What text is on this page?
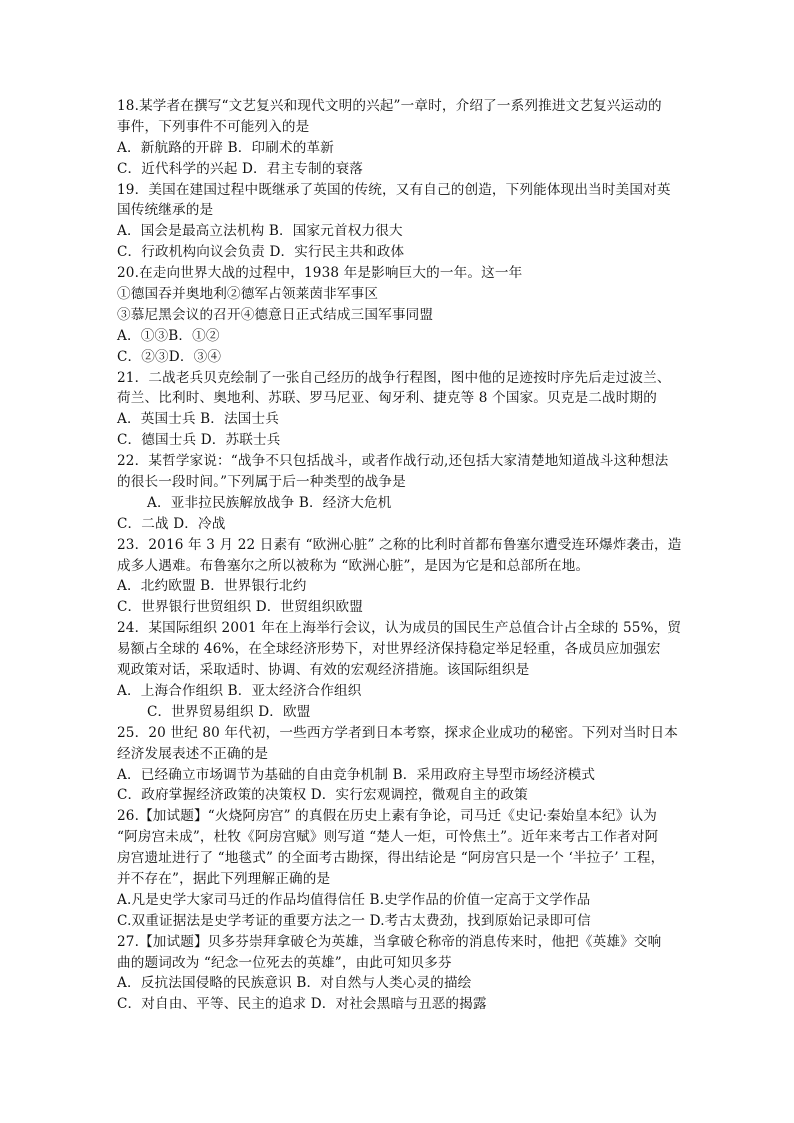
18.某学者在撰写“文艺复兴和现代文明的兴起”一章时，介绍了一系列推进文艺复兴运动的
事件，下列事件不可能列入的是
A．新航路的开辟 B．印刷术的革新
C．近代科学的兴起 D．君主专制的衰落
19．美国在建国过程中既继承了英国的传统，又有自己的创造，下列能体现出当时美国对英
国传统继承的是
A．国会是最高立法机构 B．国家元首权力很大
C．行政机构向议会负责 D．实行民主共和政体
20.在走向世界大战的过程中，1938 年是影响巨大的一年。这一年
①德国吞并奥地利②德军占领莱茵非军事区
③慕尼黑会议的召开④德意日正式结成三国军事同盟
A．①③B．①②
C．②③D．③④
21．二战老兵贝克绘制了一张自己经历的战争行程图，图中他的足迹按时序先后走过波兰、
荷兰、比利时、奥地利、苏联、罗马尼亚、匈牙利、捷克等 8 个国家。贝克是二战时期的
A．英国士兵 B．法国士兵
C．德国士兵 D．苏联士兵
22．某哲学家说：“战争不只包括战斗，或者作战行动,还包括大家清楚地知道战斗这种想法
的很长一段时间。”下列属于后一种类型的战争是
A．亚非拉民族解放战争 B．经济大危机
C．二战 D．冷战
23．2016 年 3 月 22 日素有 “欧洲心脏” 之称的比利时首都布鲁塞尔遭受连环爆炸袭击，造
成多人遇难。布鲁塞尔之所以被称为 “欧洲心脏”，是因为它是和总部所在地。
A．北约欧盟 B．世界银行北约
C．世界银行世贸组织 D．世贸组织欧盟
24．某国际组织 2001 年在上海举行会议，认为成员的国民生产总值合计占全球的 55%，贸
易额占全球的 46%，在全球经济形势下，对世界经济保持稳定举足轻重，各成员应加强宏
观政策对话，采取适时、协调、有效的宏观经济措施。该国际组织是
A．上海合作组织 B．亚太经济合作组织
C．世界贸易组织 D．欧盟
25．20 世纪 80 年代初，一些西方学者到日本考察，探求企业成功的秘密。下列对当时日本
经济发展表述不正确的是
A．已经确立市场调节为基础的自由竞争机制 B．采用政府主导型市场经济模式
C．政府掌握经济政策的决策权 D．实行宏观调控，微观自主的政策
26.【加试题】“火烧阿房宫” 的真假在历史上素有争论，司马迁《史记·秦始皇本纪》认为
“阿房宫未成”，杜牧《阿房宫赋》则写道 “楚人一炬，可怜焦土”。近年来考古工作者对阿
房宫遗址进行了 “地毯式” 的全面考古勘探，得出结论是 “阿房宫只是一个 ‘半拉子’ 工程，
并不存在”，据此下列理解正确的是
A.凡是史学大家司马迁的作品均值得信任 B.史学作品的价值一定高于文学作品
C.双重证据法是史学考证的重要方法之一 D.考古太费劲，找到原始记录即可信
27.【加试题】贝多芬崇拜拿破仑为英雄，当拿破仑称帝的消息传来时，他把《英雄》交响
曲的题词改为 “纪念一位死去的英雄”，由此可知贝多芬
A．反抗法国侵略的民族意识 B．对自然与人类心灵的描绘
C．对自由、平等、民主的追求 D．对社会黑暗与丑恶的揭露
